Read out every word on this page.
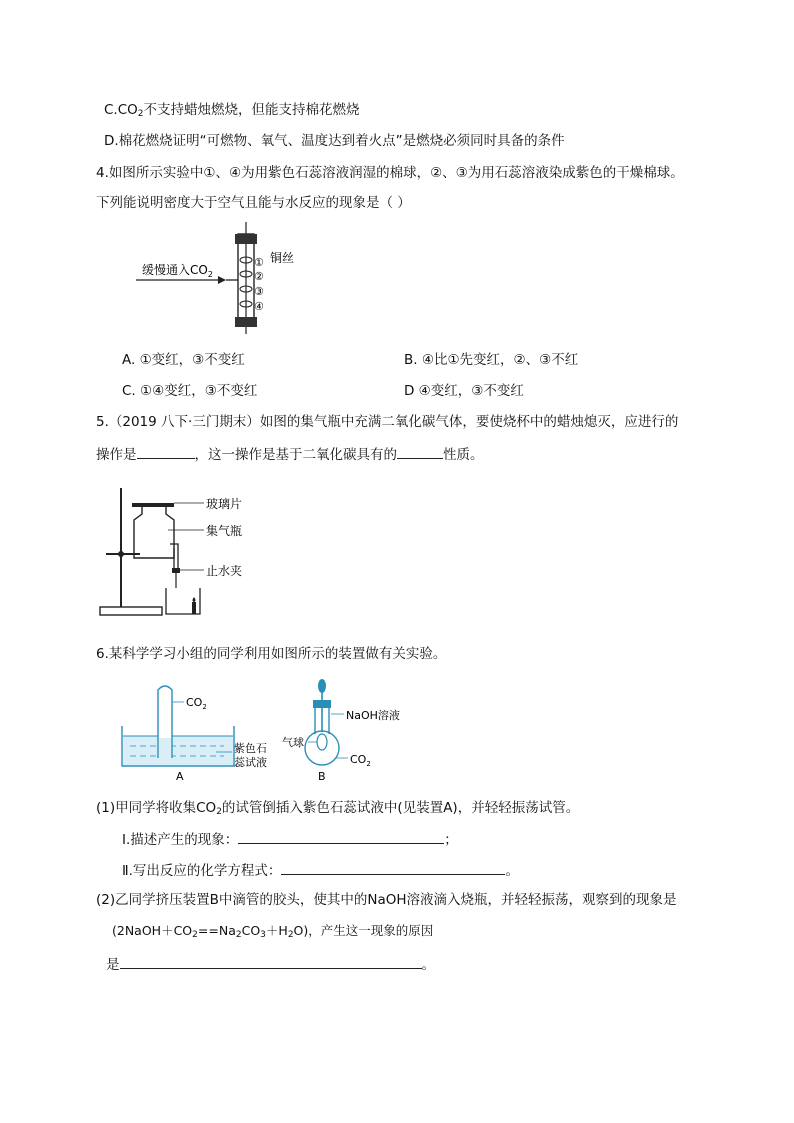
$C.CO_2$不支持蜡烛燃烧，但能支持棉花燃烧
D.棉花燃烧证明“可燃物、氧气、温度达到着火点”是燃烧必须同时具备的条件
4.如图所示实验中①、④为用紫色石蕊溶液润湿的棉球，②、③为用石蕊溶液染成紫色的干燥棉球。
下列能说明密度大于空气且能与水反应的现象是（ ）
缓慢通入$CO_2$
铜丝
①
②
③
④
A. ①变红，③不变红	B. ④比①先变红，②、③不红
C. ①④变红，③不变红	D ④变红，③不变红
5.（2019 八下·三门期末）如图的集气瓶中充满二氧化碳气体，要使烧杯中的蜡烛熄灭，应进行的
操作是	，这一操作是基于二氧化碳具有的	性质。
玻璃片
集气瓶
止水夹
6.某科学学习小组的同学利用如图所示的装置做有关实验。
$CO_2$
紫色石
蕊试液
A
NaOH溶液
气球
$CO_2$
B
(1)甲同学将收集$CO_2$的试管倒插入紫色石蕊试液中(见装置A)，并轻轻振荡试管。
Ⅰ.描述产生的现象：	；
Ⅱ.写出反应的化学方程式：	。
(2)乙同学挤压装置B中滴管的胶头，使其中的NaOH溶液滴入烧瓶，并轻轻振荡，观察到的现象是
$(2NaOH+CO_2==Na_2CO_3+H_2O)$，产生这一现象的原因
是	。
